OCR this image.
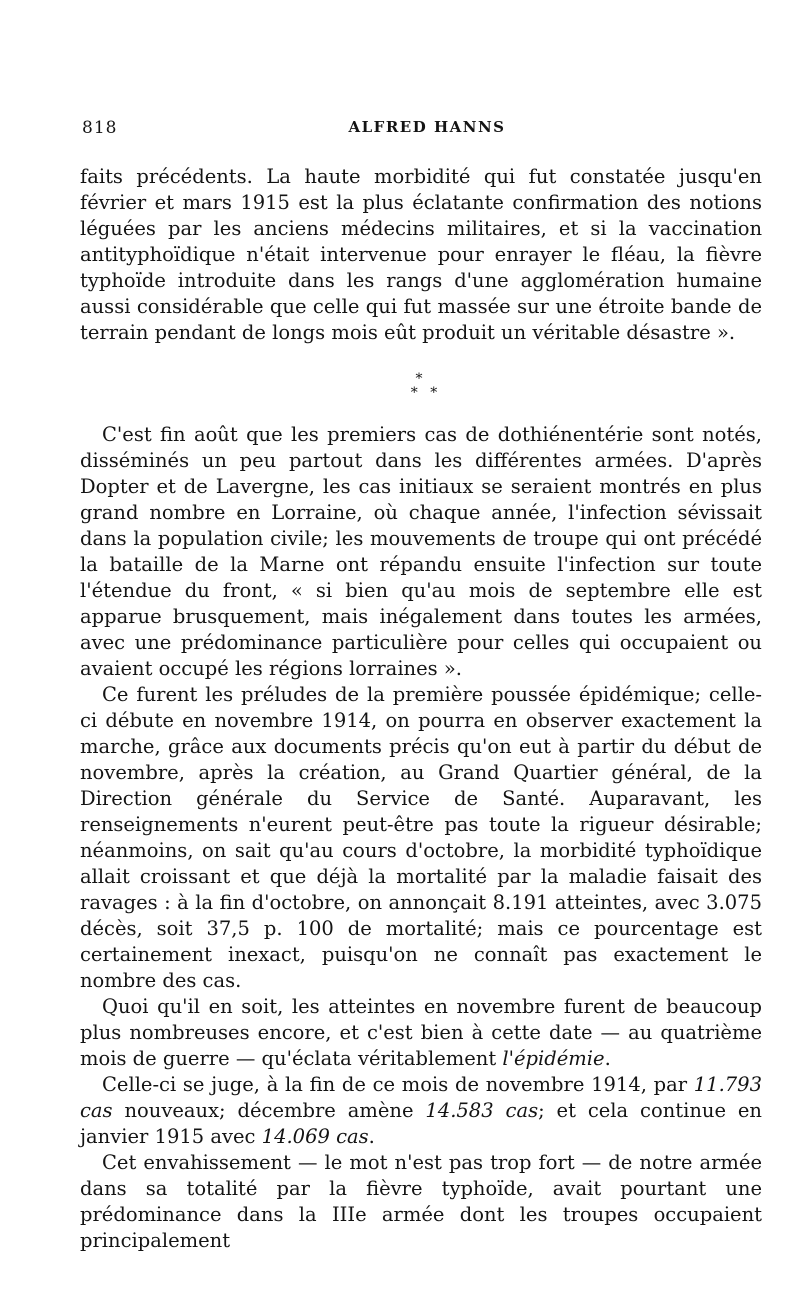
818	ALFRED HANNS

faits précédents. La haute morbidité qui fut constatée jusqu'en février et mars 1915 est la plus éclatante confirmation des notions léguées par les anciens médecins militaires, et si la vaccination antityphoïdique n'était intervenue pour enrayer le fléau, la fièvre typhoïde introduite dans les rangs d'une agglomération humaine aussi considérable que celle qui fut massée sur une étroite bande de terrain pendant de longs mois eût produit un véritable désastre ».

*
* *

C'est fin août que les premiers cas de dothiénentérie sont notés, disséminés un peu partout dans les différentes armées. D'après Dopter et de Lavergne, les cas initiaux se seraient montrés en plus grand nombre en Lorraine, où chaque année, l'infection sévissait dans la population civile; les mouvements de troupe qui ont précédé la bataille de la Marne ont répandu ensuite l'infection sur toute l'étendue du front, « si bien qu'au mois de septembre elle est apparue brusquement, mais inégalement dans toutes les armées, avec une prédominance particulière pour celles qui occupaient ou avaient occupé les régions lorraines ».

Ce furent les préludes de la première poussée épidémique; celle-ci débute en novembre 1914, on pourra en observer exactement la marche, grâce aux documents précis qu'on eut à partir du début de novembre, après la création, au Grand Quartier général, de la Direction générale du Service de Santé. Auparavant, les renseignements n'eurent peut-être pas toute la rigueur désirable; néanmoins, on sait qu'au cours d'octobre, la morbidité typhoïdique allait croissant et que déjà la mortalité par la maladie faisait des ravages : à la fin d'octobre, on annonçait 8.191 atteintes, avec 3.075 décès, soit 37,5 p. 100 de mortalité; mais ce pourcentage est certainement inexact, puisqu'on ne connaît pas exactement le nombre des cas.

Quoi qu'il en soit, les atteintes en novembre furent de beaucoup plus nombreuses encore, et c'est bien à cette date — au quatrième mois de guerre — qu'éclata véritablement l'épidémie.

Celle-ci se juge, à la fin de ce mois de novembre 1914, par 11.793 cas nouveaux; décembre amène 14.583 cas; et cela continue en janvier 1915 avec 14.069 cas.

Cet envahissement — le mot n'est pas trop fort — de notre armée dans sa totalité par la fièvre typhoïde, avait pourtant une prédominance dans la IIIe armée dont les troupes occupaient principalement
